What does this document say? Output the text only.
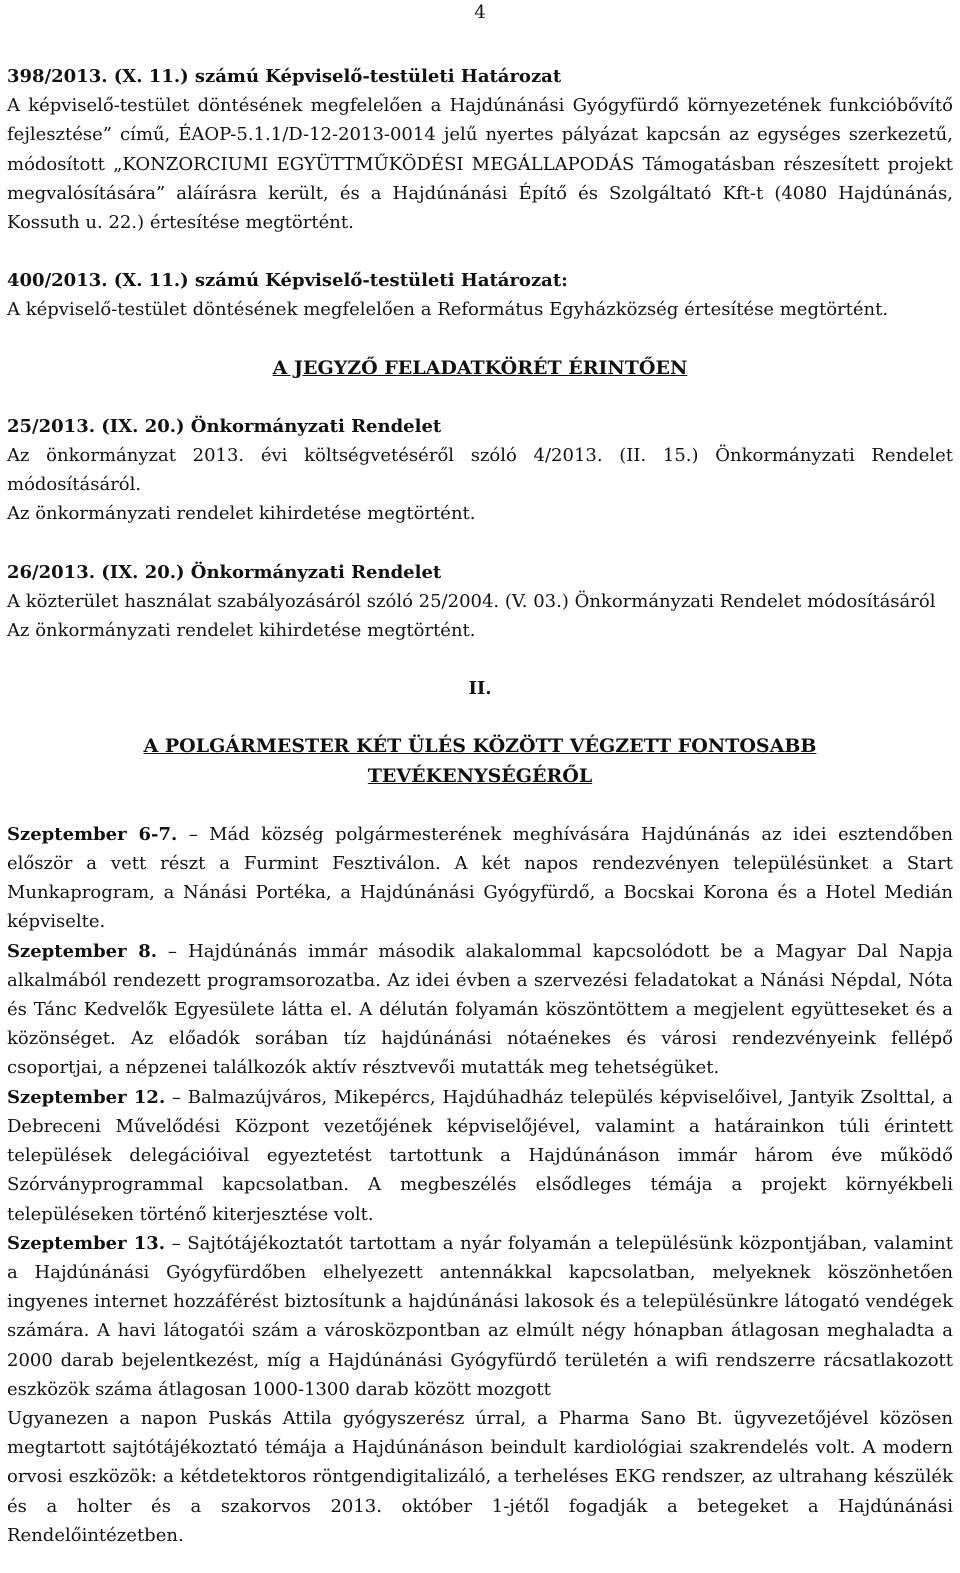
4

398/2013. (X. 11.) számú Képviselő-testületi Határozat

A képviselő-testület döntésének megfelelően a Hajdúnánási Gyógyfürdő környezetének funkcióbővítő fejlesztése” című, ÉAOP-5.1.1/D-12-2013-0014 jelű nyertes pályázat kapcsán az egységes szerkezetű, módosított „KONZORCIUMI EGYÜTTMŰKÖDÉSI MEGÁLLAPODÁS Támogatásban részesített projekt megvalósítására” aláírásra került, és a Hajdúnánási Építő és Szolgáltató Kft-t (4080 Hajdúnánás, Kossuth u. 22.) értesítése megtörtént.

400/2013. (X. 11.) számú Képviselő-testületi Határozat:

A képviselő-testület döntésének megfelelően a Református Egyházközség értesítése megtörtént.

A JEGYZŐ FELADATKÖRÉT ÉRINTŐEN

25/2013. (IX. 20.) Önkormányzati Rendelet

Az önkormányzat 2013. évi költségvetéséről szóló 4/2013. (II. 15.) Önkormányzati Rendelet módosításáról.

Az önkormányzati rendelet kihirdetése megtörtént.

26/2013. (IX. 20.) Önkormányzati Rendelet

A közterület használat szabályozásáról szóló 25/2004. (V. 03.) Önkormányzati Rendelet módosításáról

Az önkormányzati rendelet kihirdetése megtörtént.

II.

A POLGÁRMESTER KÉT ÜLÉS KÖZÖTT VÉGZETT FONTOSABB

TEVÉKENYSÉGÉRŐL

Szeptember 6-7. – Mád község polgármesterének meghívására Hajdúnánás az idei esztendőben először a vett részt a Furmint Fesztiválon. A két napos rendezvényen településünket a Start Munkaprogram, a Nánási Portéka, a Hajdúnánási Gyógyfürdő, a Bocskai Korona és a Hotel Medián képviselte.

Szeptember 8. – Hajdúnánás immár második alakalommal kapcsolódott be a Magyar Dal Napja alkalmából rendezett programsorozatba. Az idei évben a szervezési feladatokat a Nánási Népdal, Nóta és Tánc Kedvelők Egyesülete látta el. A délután folyamán köszöntöttem a megjelent együtteseket és a közönséget. Az előadók sorában tíz hajdúnánási nótaénekes és városi rendezvényeink fellépő csoportjai, a népzenei találkozók aktív résztvevői mutatták meg tehetségüket.

Szeptember 12. – Balmazújváros, Mikepércs, Hajdúhadház település képviselőivel, Jantyik Zsolttal, a Debreceni Művelődési Központ vezetőjének képviselőjével, valamint a határainkon túli érintett települések delegációival egyeztetést tartottunk a Hajdúnánáson immár három éve működő Szórványprogrammal kapcsolatban. A megbeszélés elsődleges témája a projekt környékbeli településeken történő kiterjesztése volt.

Szeptember 13. – Sajtótájékoztatót tartottam a nyár folyamán a településünk központjában, valamint a Hajdúnánási Gyógyfürdőben elhelyezett antennákkal kapcsolatban, melyeknek köszönhetően ingyenes internet hozzáférést biztosítunk a hajdúnánási lakosok és a településünkre látogató vendégek számára. A havi látogatói szám a városközpontban az elmúlt négy hónapban átlagosan meghaladta a 2000 darab bejelentkezést, míg a Hajdúnánási Gyógyfürdő területén a wifi rendszerre rácsatlakozott eszközök száma átlagosan 1000-1300 darab között mozgott

Ugyanezen a napon Puskás Attila gyógyszerész úrral, a Pharma Sano Bt. ügyvezetőjével közösen megtartott sajtótájékoztató témája a Hajdúnánáson beindult kardiológiai szakrendelés volt. A modern orvosi eszközök: a kétdetektoros röntgendigitalizáló, a terheléses EKG rendszer, az ultrahang készülék és a holter és a szakorvos 2013. október 1-jétől fogadják a betegeket a Hajdúnánási Rendelőintézetben.
